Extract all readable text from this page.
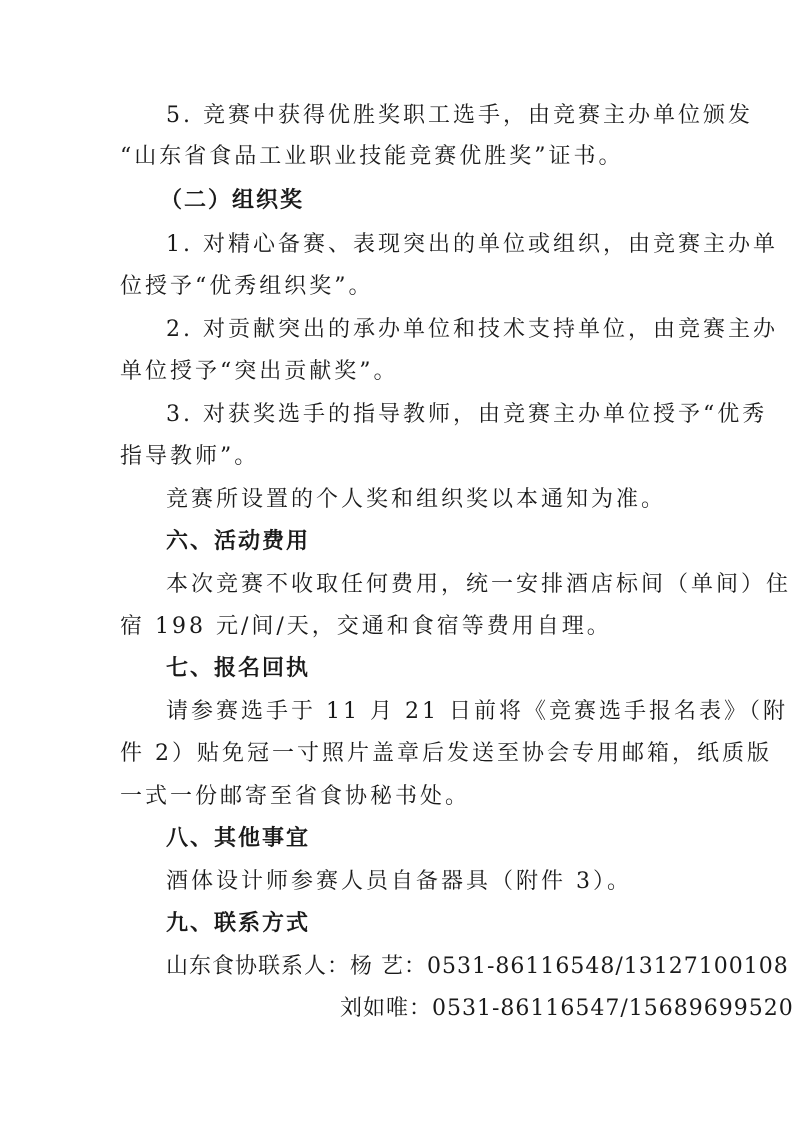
5. 竞赛中获得优胜奖职工选手，由竞赛主办单位颁发
“山东省食品工业职业技能竞赛优胜奖”证书。
（二）组织奖
1. 对精心备赛、表现突出的单位或组织，由竞赛主办单
位授予“优秀组织奖”。
2. 对贡献突出的承办单位和技术支持单位，由竞赛主办
单位授予“突出贡献奖”。
3. 对获奖选手的指导教师，由竞赛主办单位授予“优秀
指导教师”。
竞赛所设置的个人奖和组织奖以本通知为准。
六、活动费用
本次竞赛不收取任何费用，统一安排酒店标间（单间）住
宿 198 元/间/天，交通和食宿等费用自理。
七、报名回执
请参赛选手于 11 月 21 日前将《竞赛选手报名表》（附
件 2）贴免冠一寸照片盖章后发送至协会专用邮箱，纸质版
一式一份邮寄至省食协秘书处。
八、其他事宜
酒体设计师参赛人员自备器具（附件 3）。
九、联系方式
山东食协联系人：杨 艺：0531-86116548/13127100108
刘如唯：0531-86116547/15689699520
